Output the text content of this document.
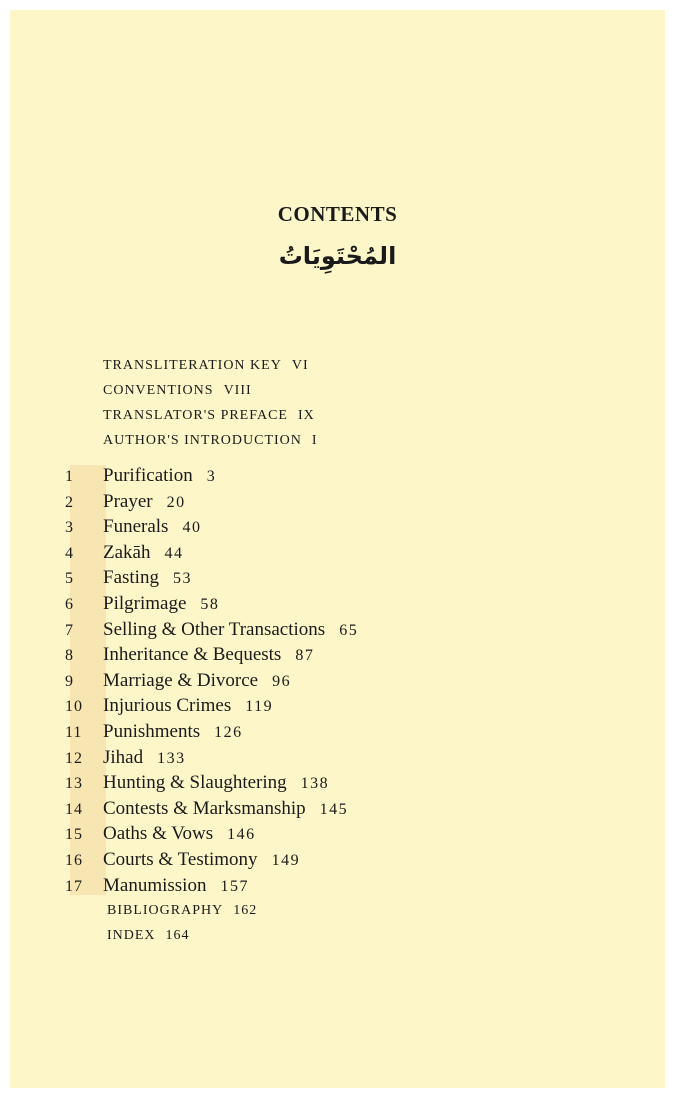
CONTENTS
المُحْتَوِيَاتُ
TRANSLITERATION KEY VI
CONVENTIONS VIII
TRANSLATOR'S PREFACE IX
AUTHOR'S INTRODUCTION I
1 Purification 3
2 Prayer 20
3 Funerals 40
4 Zakāh 44
5 Fasting 53
6 Pilgrimage 58
7 Selling & Other Transactions 65
8 Inheritance & Bequests 87
9 Marriage & Divorce 96
10 Injurious Crimes 119
11 Punishments 126
12 Jihad 133
13 Hunting & Slaughtering 138
14 Contests & Marksmanship 145
15 Oaths & Vows 146
16 Courts & Testimony 149
17 Manumission 157
BIBLIOGRAPHY 162
INDEX 164
